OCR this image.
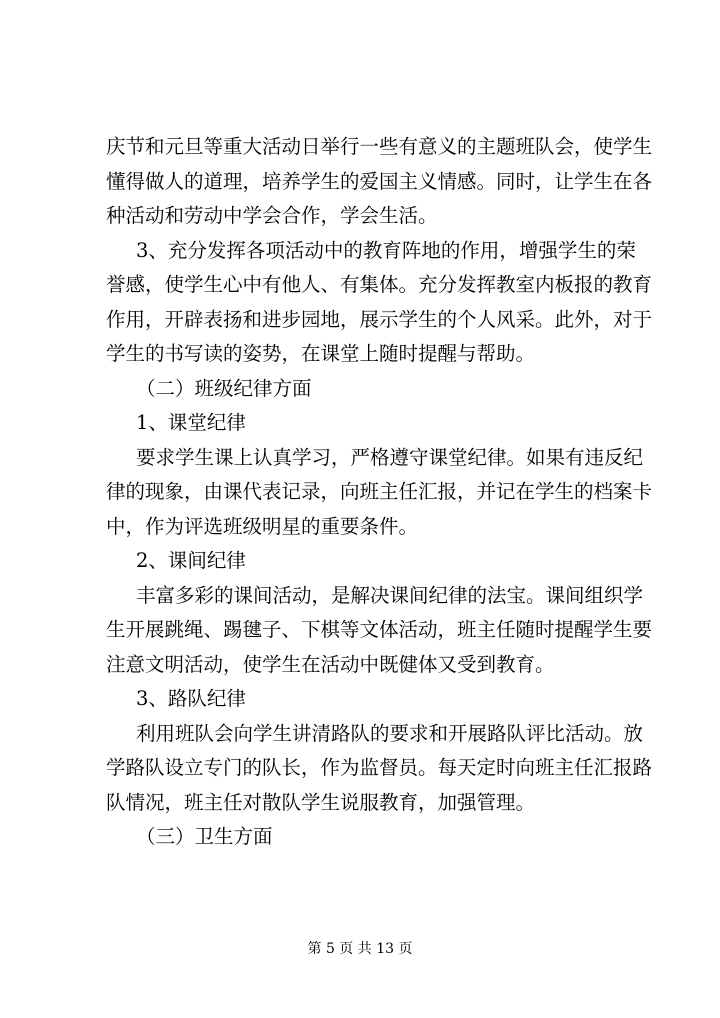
庆节和元旦等重大活动日举行一些有意义的主题班队会，使学生
懂得做人的道理，培养学生的爱国主义情感。同时，让学生在各
种活动和劳动中学会合作，学会生活。
3、充分发挥各项活动中的教育阵地的作用，增强学生的荣
誉感，使学生心中有他人、有集体。充分发挥教室内板报的教育
作用，开辟表扬和进步园地，展示学生的个人风采。此外，对于
学生的书写读的姿势，在课堂上随时提醒与帮助。
（二）班级纪律方面
1、课堂纪律
要求学生课上认真学习，严格遵守课堂纪律。如果有违反纪
律的现象，由课代表记录，向班主任汇报，并记在学生的档案卡
中，作为评选班级明星的重要条件。
2、课间纪律
丰富多彩的课间活动，是解决课间纪律的法宝。课间组织学
生开展跳绳、踢毽子、下棋等文体活动，班主任随时提醒学生要
注意文明活动，使学生在活动中既健体又受到教育。
3、路队纪律
利用班队会向学生讲清路队的要求和开展路队评比活动。放
学路队设立专门的队长，作为监督员。每天定时向班主任汇报路
队情况，班主任对散队学生说服教育，加强管理。
（三）卫生方面
第 5 页 共 13 页
